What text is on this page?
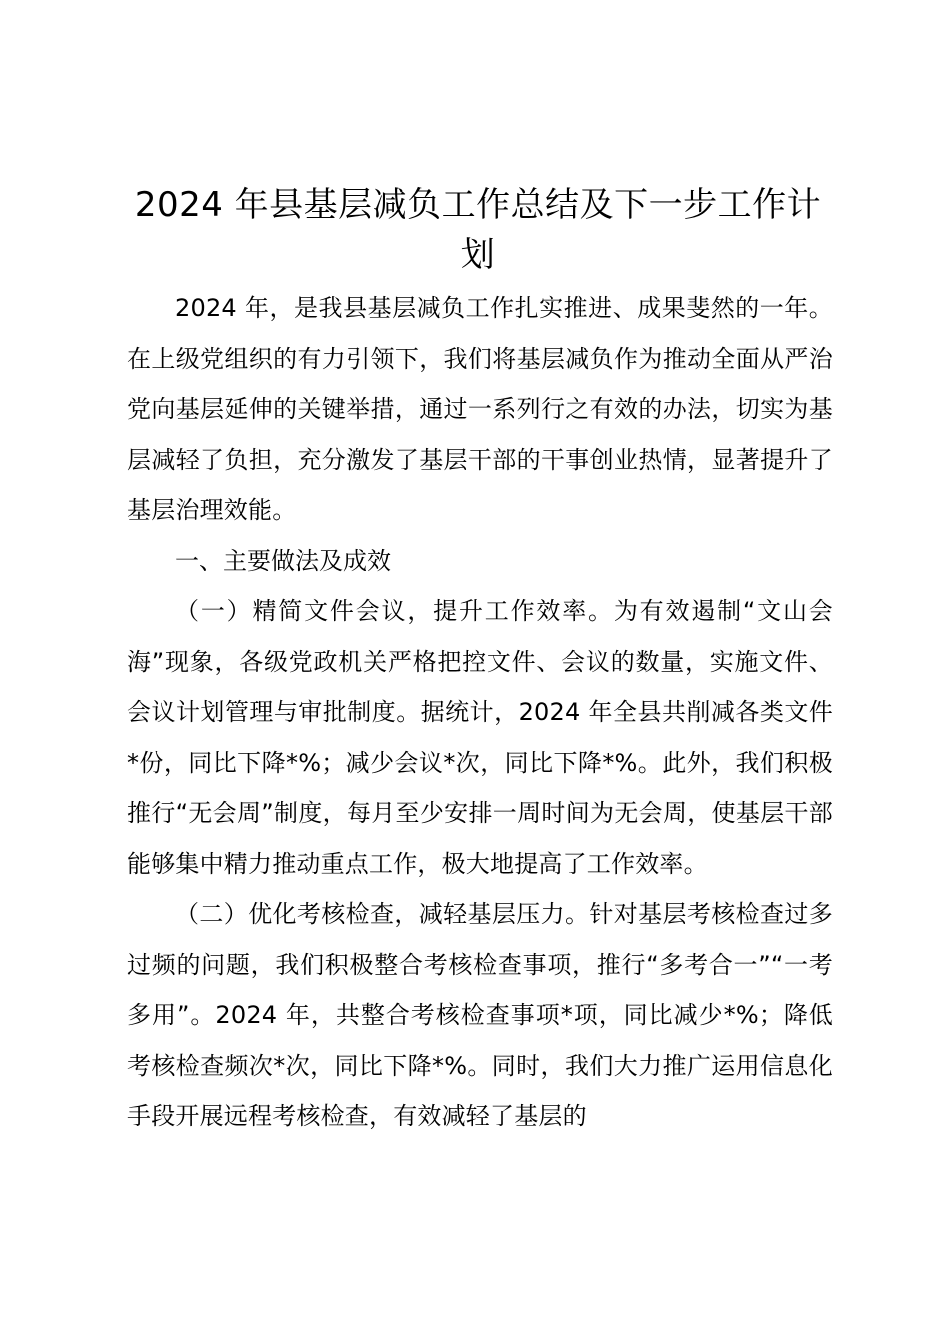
2024 年县基层减负工作总结及下一步工作计划

2024 年，是我县基层减负工作扎实推进、成果斐然的一年。在上级党组织的有力引领下，我们将基层减负作为推动全面从严治党向基层延伸的关键举措，通过一系列行之有效的办法，切实为基层减轻了负担，充分激发了基层干部的干事创业热情，显著提升了基层治理效能。

一、主要做法及成效

（一）精简文件会议，提升工作效率。为有效遏制“文山会海”现象，各级党政机关严格把控文件、会议的数量，实施文件、会议计划管理与审批制度。据统计，2024 年全县共削减各类文件*份，同比下降*%；减少会议*次，同比下降*%。此外，我们积极推行“无会周”制度，每月至少安排一周时间为无会周，使基层干部能够集中精力推动重点工作，极大地提高了工作效率。

（二）优化考核检查，减轻基层压力。针对基层考核检查过多过频的问题，我们积极整合考核检查事项，推行“多考合一”“一考多用”。2024 年，共整合考核检查事项*项，同比减少*%；降低考核检查频次*次，同比下降*%。同时，我们大力推广运用信息化手段开展远程考核检查，有效减轻了基层的
